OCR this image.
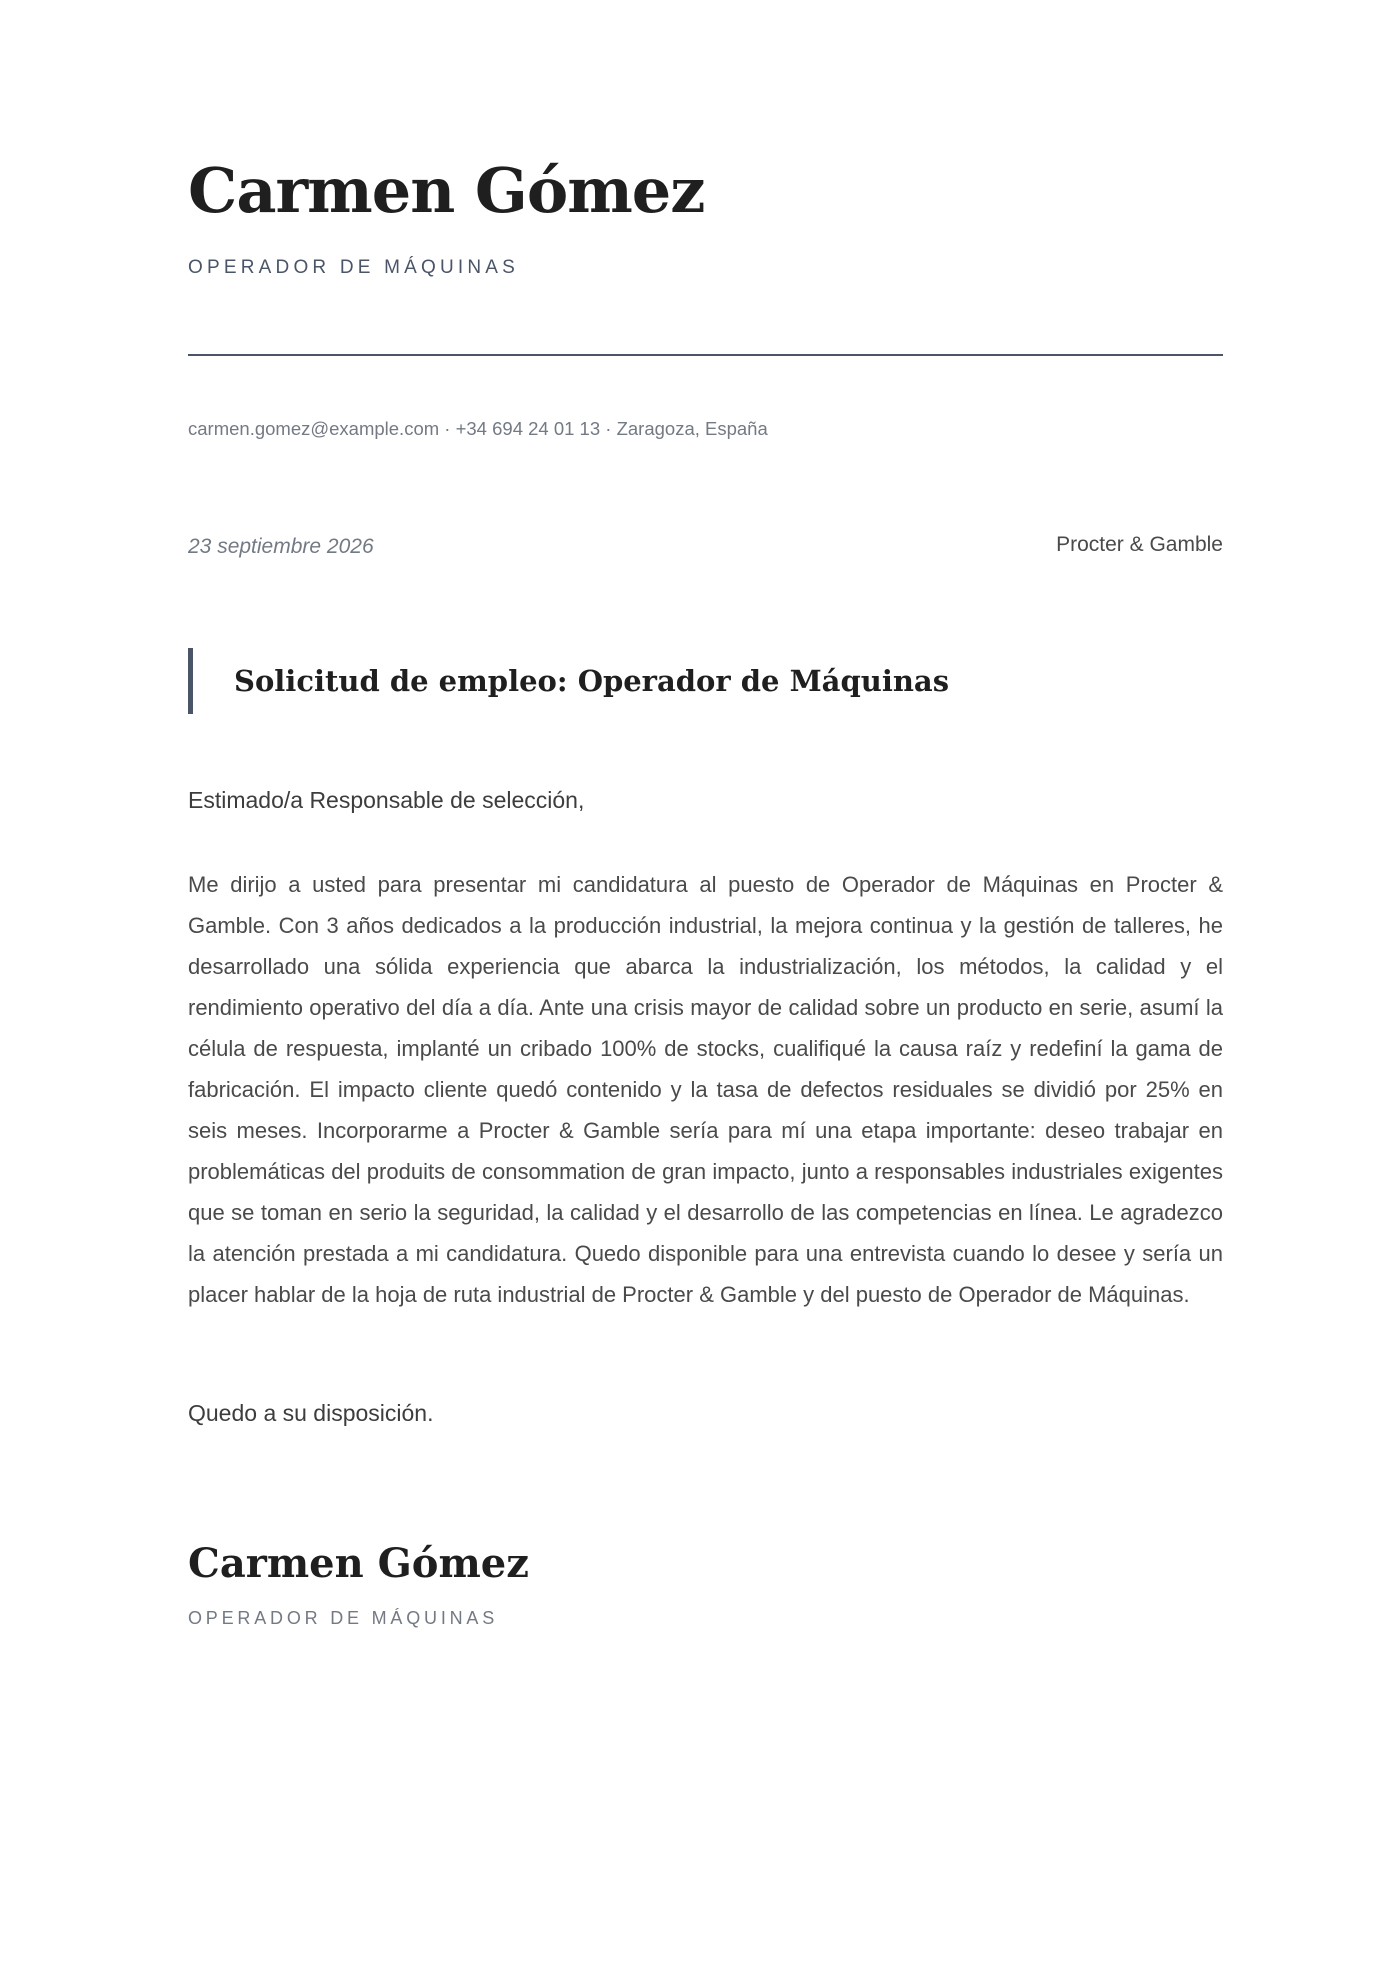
Carmen Gómez
OPERADOR DE MÁQUINAS
carmen.gomez@example.com · +34 694 24 01 13 · Zaragoza, España
23 septiembre 2026	Procter & Gamble
Solicitud de empleo: Operador de Máquinas
Estimado/a Responsable de selección,

Me dirijo a usted para presentar mi candidatura al puesto de Operador de Máquinas en Procter & Gamble. Con 3 años dedicados a la producción industrial, la mejora continua y la gestión de talleres, he desarrollado una sólida experiencia que abarca la industrialización, los métodos, la calidad y el rendimiento operativo del día a día. Ante una crisis mayor de calidad sobre un producto en serie, asumí la célula de respuesta, implanté un cribado 100% de stocks, cualifiqué la causa raíz y redefiní la gama de fabricación. El impacto cliente quedó contenido y la tasa de defectos residuales se dividió por 25% en seis meses. Incorporarme a Procter & Gamble sería para mí una etapa importante: deseo trabajar en problemáticas del produits de consommation de gran impacto, junto a responsables industriales exigentes que se toman en serio la seguridad, la calidad y el desarrollo de las competencias en línea. Le agradezco la atención prestada a mi candidatura. Quedo disponible para una entrevista cuando lo desee y sería un placer hablar de la hoja de ruta industrial de Procter & Gamble y del puesto de Operador de Máquinas.

Quedo a su disposición.
Carmen Gómez
OPERADOR DE MÁQUINAS
